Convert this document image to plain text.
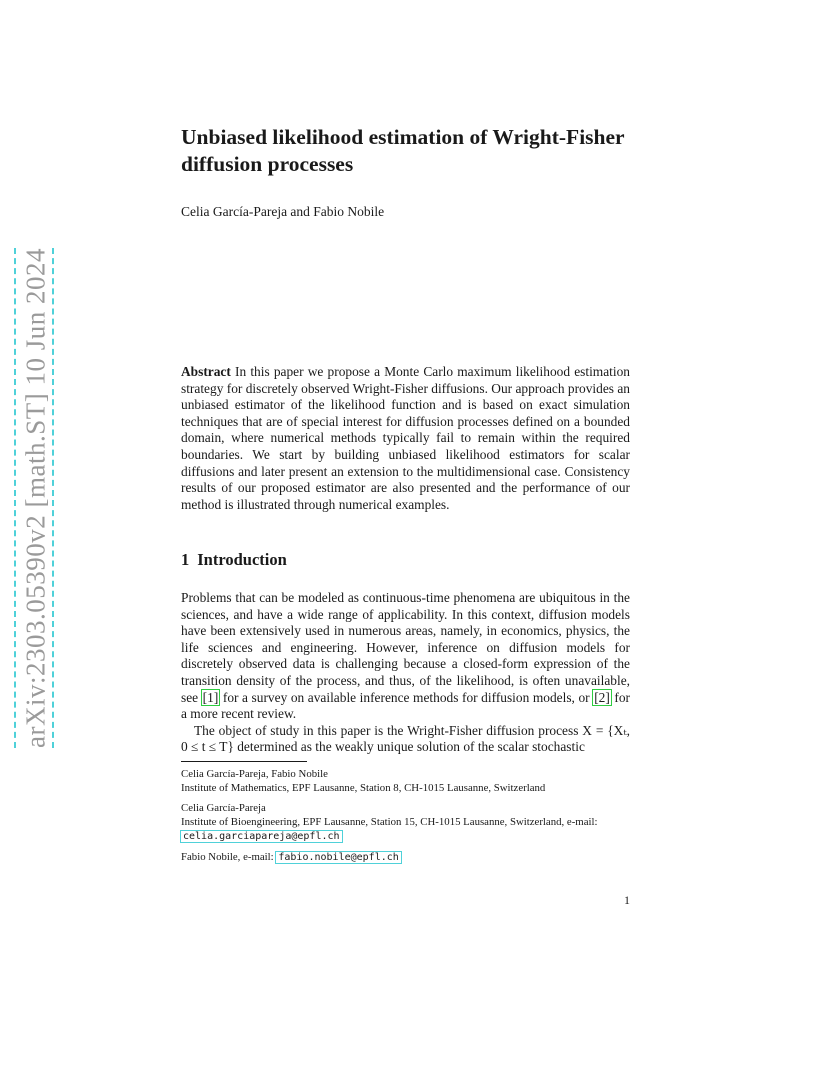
arXiv:2303.05390v2 [math.ST] 10 Jun 2024
Unbiased likelihood estimation of Wright-Fisher diffusion processes
Celia García-Pareja and Fabio Nobile

Abstract In this paper we propose a Monte Carlo maximum likelihood estimation strategy for discretely observed Wright-Fisher diffusions. Our approach provides an unbiased estimator of the likelihood function and is based on exact simulation techniques that are of special interest for diffusion processes defined on a bounded domain, where numerical methods typically fail to remain within the required boundaries. We start by building unbiased likelihood estimators for scalar diffusions and later present an extension to the multidimensional case. Consistency results of our proposed estimator are also presented and the performance of our method is illustrated through numerical examples.

1 Introduction

Problems that can be modeled as continuous-time phenomena are ubiquitous in the sciences, and have a wide range of applicability. In this context, diffusion models have been extensively used in numerous areas, namely, in economics, physics, the life sciences and engineering. However, inference on diffusion models for discretely observed data is challenging because a closed-form expression of the transition density of the process, and thus, of the likelihood, is often unavailable, see [1] for a survey on available inference methods for diffusion models, or [2] for a more recent review.

The object of study in this paper is the Wright-Fisher diffusion process X = {Xₜ, 0 ≤ t ≤ T} determined as the weakly unique solution of the scalar stochastic

Celia García-Pareja, Fabio Nobile
Institute of Mathematics, EPF Lausanne, Station 8, CH-1015 Lausanne, Switzerland
Celia García-Pareja
Institute of Bioengineering, EPF Lausanne, Station 15, CH-1015 Lausanne, Switzerland, e-mail:
celia.garciapareja@epfl.ch
Fabio Nobile, e-mail: fabio.nobile@epfl.ch
1
